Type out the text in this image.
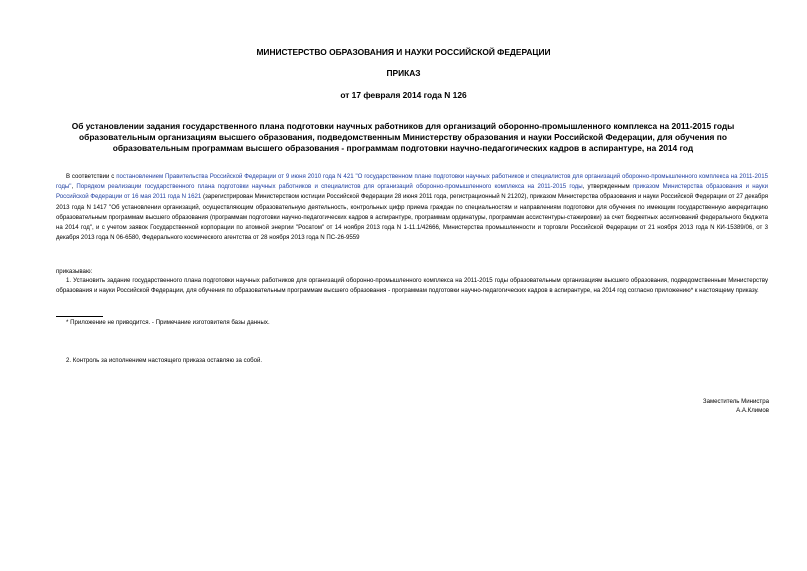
МИНИСТЕРСТВО ОБРАЗОВАНИЯ И НАУКИ РОССИЙСКОЙ ФЕДЕРАЦИИ
ПРИКАЗ
от 17 февраля 2014 года N 126
Об установлении задания государственного плана подготовки научных работников для организаций оборонно-промышленного комплекса на 2011-2015 годы образовательным организациям высшего образования, подведомственным Министерству образования и науки Российской Федерации, для обучения по образовательным программам высшего образования - программам подготовки научно-педагогических кадров в аспирантуре, на 2014 год
В соответствии с постановлением Правительства Российской Федерации от 9 июня 2010 года N 421 "О государственном плане подготовки научных работников и специалистов для организаций оборонно-промышленного комплекса на 2011-2015 годы", Порядком реализации государственного плана подготовки научных работников и специалистов для организаций оборонно-промышленного комплекса на 2011-2015 годы, утвержденным приказом Министерства образования и науки Российской Федерации от 16 мая 2011 года N 1621 (зарегистрирован Министерством юстиции Российской Федерации 28 июня 2011 года, регистрационный N 21202), приказом Министерства образования и науки Российской Федерации от 27 декабря 2013 года N 1417 "Об установлении организаций, осуществляющим образовательную деятельность, контрольных цифр приема граждан по специальностям и направлениям подготовки для обучения по имеющим государственную аккредитацию образовательным программам высшего образования (программам подготовки научно-педагогических кадров в аспирантуре, программам ординатуры, программам ассистентуры-стажировки) за счет бюджетных ассигнований федерального бюджета на 2014 год", и с учетом заявок Государственной корпорации по атомной энергии "Росатом" от 14 ноября 2013 года N 1-11.1/42666, Министерства промышленности и торговли Российской Федерации от 21 ноября 2013 года N КИ-15389/06, от 3 декабря 2013 года N 06-6580, Федерального космического агентства от 28 ноября 2013 года N ПС-26-9559
приказываю:
1. Установить задание государственного плана подготовки научных работников для организаций оборонно-промышленного комплекса на 2011-2015 годы образовательным организациям высшего образования, подведомственным Министерству образования и науки Российской Федерации, для обучения по образовательным программам высшего образования - программам подготовки научно-педагогических кадров в аспирантуре, на 2014 год согласно приложению* к настоящему приказу.
* Приложение не приводится. - Примечание изготовителя базы данных.
2. Контроль за исполнением настоящего приказа оставляю за собой.
Заместитель Министра
А.А.Климов
